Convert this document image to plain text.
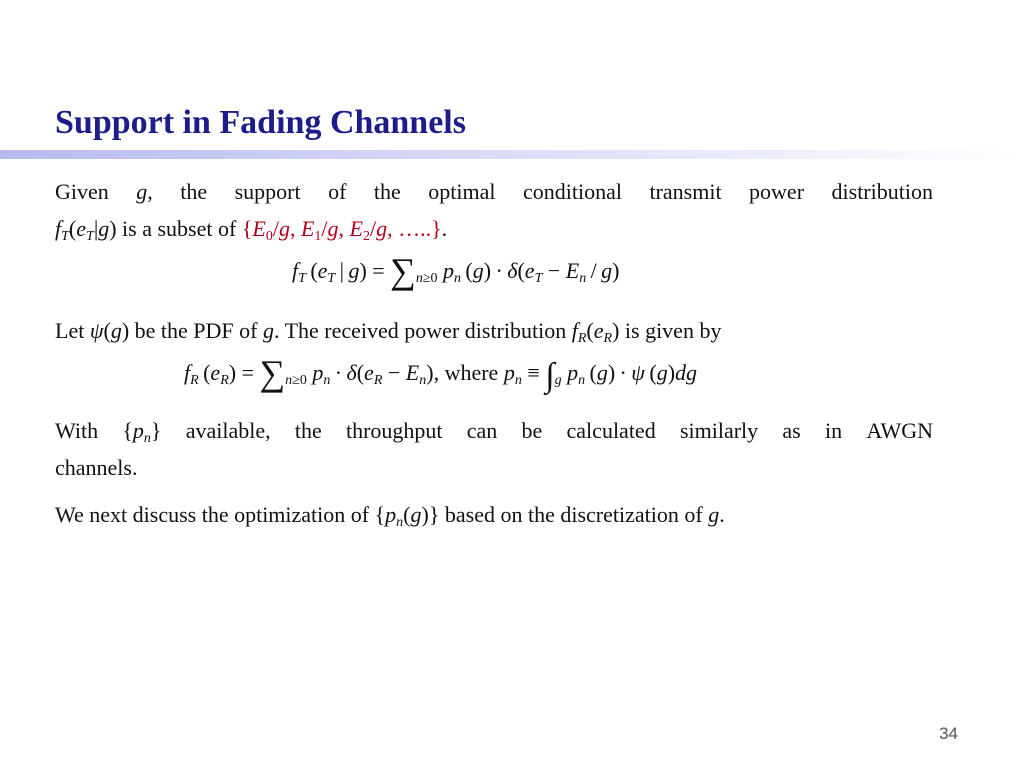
Support in Fading Channels
Given g, the support of the optimal conditional transmit power distribution
$f_T(e_T|g)$ is a subset of {$E_0/g$, $E_1/g$, $E_2/g$, …..}.
$f_T$ ($e_T$ | $g) = \sum_{n\ge 0}$ $p_n$ $(g) \cdot \delta(e_T - E_n / g)$
Let ψ(g) be the PDF of g. The received power distribution $f_R(e_R)$ is given by
$f_R$ $(e_R) = \sum_{n\ge 0}$ $p_n \cdot \delta(e_R - E_n)$, where $p_n \equiv \int_g$ $p_n$ (g) · ψ (g)dg
With $\{p_n\}$ available, the throughput can be calculated similarly as in AWGN
channels.
We next discuss the optimization of $\{p_n(g)\}$ based on the discretization of g.
34
